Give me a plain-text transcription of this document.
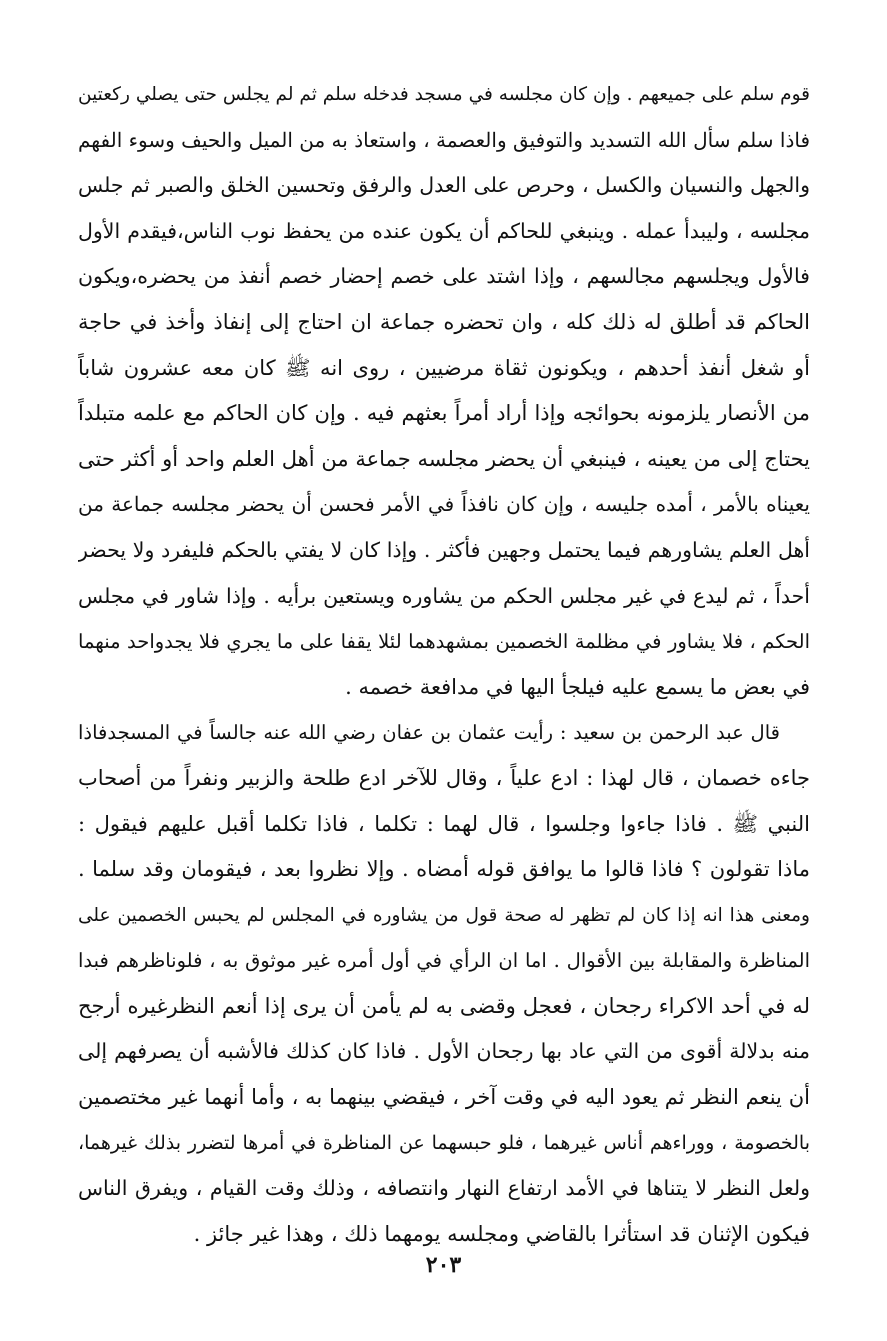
قوم سلم على جميعهم . وإن كان مجلسه في مسجد فدخله سلم ثم لم يجلس حتى يصلي ركعتين
فاذا سلم سأل الله التسديد والتوفيق والعصمة ، واستعاذ به من الميل والحيف وسوء الفهم
والجهل والنسيان والكسل ، وحرص على العدل والرفق وتحسين الخلق والصبر ثم جلس
مجلسه ، وليبدأ عمله . وينبغي للحاكم أن يكون عنده من يحفظ نوب الناس،فيقدم الأول
فالأول ويجلسهم مجالسهم ، وإذا اشتد على خصم إحضار خصم أنفذ من يحضره،ويكون
الحاكم قد أطلق له ذلك كله ، وان تحضره جماعة ان احتاج إلى إنفاذ وأخذ في حاجة
أو شغل أنفذ أحدهم ، ويكونون ثقاة مرضيين ، روى انه ﷺ كان معه عشرون شاباً
من الأنصار يلزمونه بحوائجه وإذا أراد أمراً بعثهم فيه . وإن كان الحاكم مع علمه متبلداً
يحتاج إلى من يعينه ، فينبغي أن يحضر مجلسه جماعة من أهل العلم واحد أو أكثر حتى
يعيناه بالأمر ، أمده جليسه ، وإن كان نافذاً في الأمر فحسن أن يحضر مجلسه جماعة من
أهل العلم يشاورهم فيما يحتمل وجهين فأكثر . وإذا كان لا يفتي بالحكم فليفرد ولا يحضر
أحداً ، ثم ليدع في غير مجلس الحكم من يشاوره ويستعين برأيه . وإذا شاور في مجلس
الحكم ، فلا يشاور في مظلمة الخصمين بمشهدهما لئلا يقفا على ما يجري فلا يجدواحد منهما
في بعض ما يسمع عليه فيلجأ اليها في مدافعة خصمه .
قال عبد الرحمن بن سعيد : رأيت عثمان بن عفان رضي الله عنه جالساً في المسجدفاذا
جاءه خصمان ، قال لهذا : ادع علياً ، وقال للآخر ادع طلحة والزبير ونفراً من أصحاب
النبي ﷺ . فاذا جاءوا وجلسوا ، قال لهما : تكلما ، فاذا تكلما أقبل عليهم فيقول :
ماذا تقولون ؟ فاذا قالوا ما يوافق قوله أمضاه . وإلا نظروا بعد ، فيقومان وقد سلما .
ومعنى هذا انه إذا كان لم تظهر له صحة قول من يشاوره في المجلس لم يحبس الخصمين على
المناظرة والمقابلة بين الأقوال . اما ان الرأي في أول أمره غير موثوق به ، فلوناظرهم فبدا
له في أحد الاكراء رجحان ، فعجل وقضى به لم يأمن أن يرى إذا أنعم النظرغيره أرجح
منه بدلالة أقوى من التي عاد بها رجحان الأول . فاذا كان كذلك فالأشبه أن يصرفهم إلى
أن ينعم النظر ثم يعود اليه في وقت آخر ، فيقضي بينهما به ، وأما أنهما غير مختصمين
بالخصومة ، ووراءهم أناس غيرهما ، فلو حبسهما عن المناظرة في أمرها لتضرر بذلك غيرهما،
ولعل النظر لا يتناها في الأمد ارتفاع النهار وانتصافه ، وذلك وقت القيام ، ويفرق الناس
فيكون الإثنان قد استأثرا بالقاضي ومجلسه يومهما ذلك ، وهذا غير جائز .
٢٠٣
